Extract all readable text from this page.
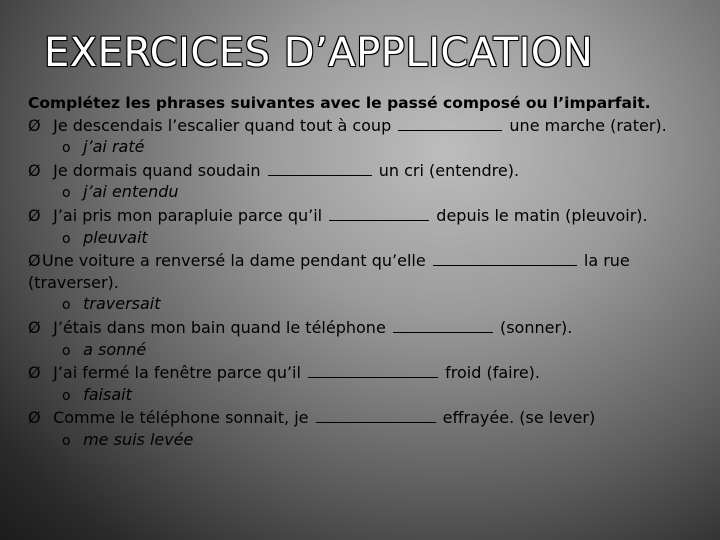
EXERCICES D’APPLICATION
Complétez les phrases suivantes avec le passé composé ou l’imparfait.
Ø Je descendais l’escalier quand tout à coup	une marche (rater).
o j’ai raté
Ø Je dormais quand soudain	un cri (entendre).
o j’ai entendu
Ø J’ai pris mon parapluie parce qu’il	depuis le matin (pleuvoir).
o pleuvait
ØUne voiture a renversé la dame pendant qu’elle	la rue (traverser).
o traversait
Ø J’étais dans mon bain quand le téléphone	(sonner).
o a sonné
Ø J’ai fermé la fenêtre parce qu’il	froid (faire).
o faisait
Ø Comme le téléphone sonnait, je	effrayée. (se lever)
o me suis levée
